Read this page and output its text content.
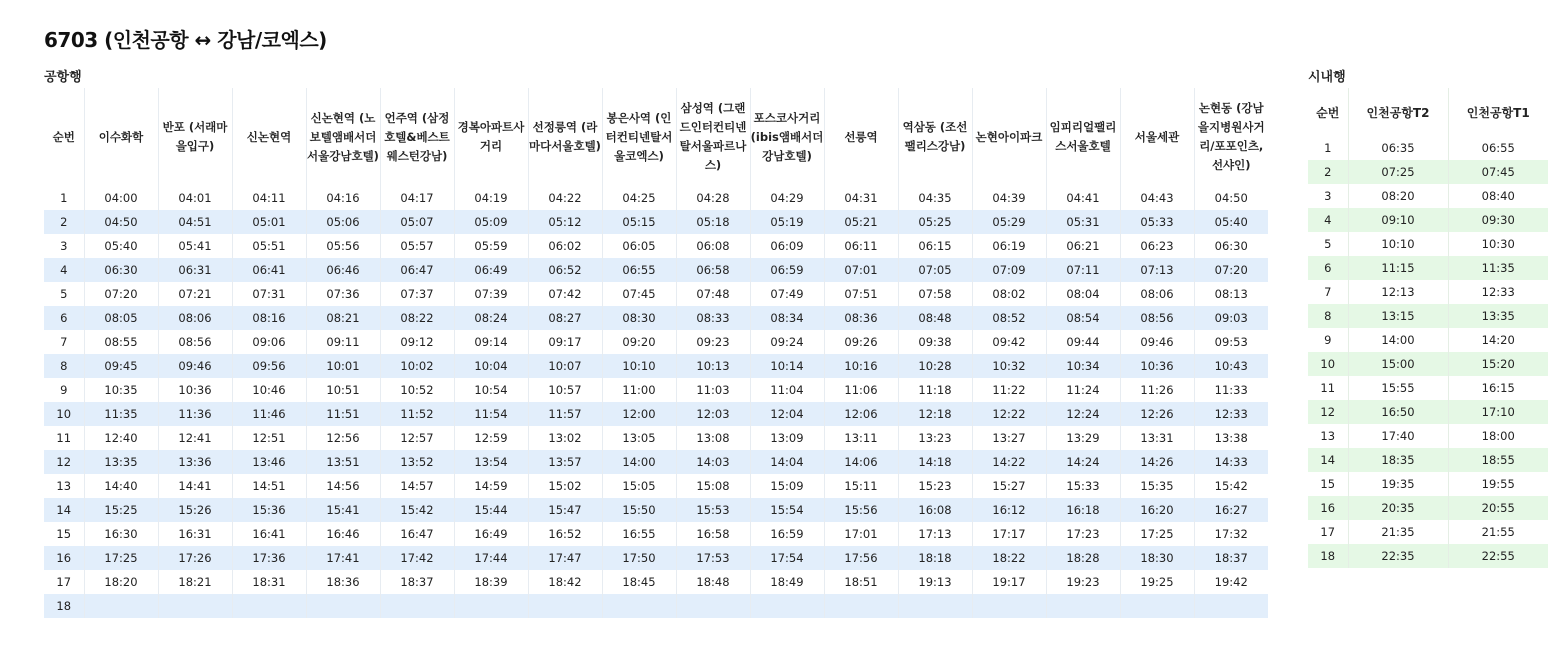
6703 (인천공항 ↔ 강남/코엑스)
공항행	시내행
순번	이수화학	반포 (서래마을입구)	신논현역	신논현역 (노보텔앰배서더서울강남호텔)	언주역 (삼정호텔&베스트웨스턴강남)	경복아파트사거리	선정릉역 (라마다서울호텔)	봉은사역 (인터컨티넨탈서울코엑스)	삼성역 (그랜드인터컨티넨탈서울파르나스)	포스코사거리 (ibis앰배서더강남호텔)	선릉역	역삼동 (조선팰리스강남)	논현아이파크	임피리얼팰리스서울호텔	서울세관	논현동 (강남을지병원사거리/포포인츠,선샤인)
1	04:00	04:01	04:11	04:16	04:17	04:19	04:22	04:25	04:28	04:29	04:31	04:35	04:39	04:41	04:43	04:50
2	04:50	04:51	05:01	05:06	05:07	05:09	05:12	05:15	05:18	05:19	05:21	05:25	05:29	05:31	05:33	05:40
3	05:40	05:41	05:51	05:56	05:57	05:59	06:02	06:05	06:08	06:09	06:11	06:15	06:19	06:21	06:23	06:30
4	06:30	06:31	06:41	06:46	06:47	06:49	06:52	06:55	06:58	06:59	07:01	07:05	07:09	07:11	07:13	07:20
5	07:20	07:21	07:31	07:36	07:37	07:39	07:42	07:45	07:48	07:49	07:51	07:58	08:02	08:04	08:06	08:13
6	08:05	08:06	08:16	08:21	08:22	08:24	08:27	08:30	08:33	08:34	08:36	08:48	08:52	08:54	08:56	09:03
7	08:55	08:56	09:06	09:11	09:12	09:14	09:17	09:20	09:23	09:24	09:26	09:38	09:42	09:44	09:46	09:53
8	09:45	09:46	09:56	10:01	10:02	10:04	10:07	10:10	10:13	10:14	10:16	10:28	10:32	10:34	10:36	10:43
9	10:35	10:36	10:46	10:51	10:52	10:54	10:57	11:00	11:03	11:04	11:06	11:18	11:22	11:24	11:26	11:33
10	11:35	11:36	11:46	11:51	11:52	11:54	11:57	12:00	12:03	12:04	12:06	12:18	12:22	12:24	12:26	12:33
11	12:40	12:41	12:51	12:56	12:57	12:59	13:02	13:05	13:08	13:09	13:11	13:23	13:27	13:29	13:31	13:38
12	13:35	13:36	13:46	13:51	13:52	13:54	13:57	14:00	14:03	14:04	14:06	14:18	14:22	14:24	14:26	14:33
13	14:40	14:41	14:51	14:56	14:57	14:59	15:02	15:05	15:08	15:09	15:11	15:23	15:27	15:33	15:35	15:42
14	15:25	15:26	15:36	15:41	15:42	15:44	15:47	15:50	15:53	15:54	15:56	16:08	16:12	16:18	16:20	16:27
15	16:30	16:31	16:41	16:46	16:47	16:49	16:52	16:55	16:58	16:59	17:01	17:13	17:17	17:23	17:25	17:32
16	17:25	17:26	17:36	17:41	17:42	17:44	17:47	17:50	17:53	17:54	17:56	18:18	18:22	18:28	18:30	18:37
17	18:20	18:21	18:31	18:36	18:37	18:39	18:42	18:45	18:48	18:49	18:51	19:13	19:17	19:23	19:25	19:42
18																
순번	인천공항T2	인천공항T1
1	06:35	06:55
2	07:25	07:45
3	08:20	08:40
4	09:10	09:30
5	10:10	10:30
6	11:15	11:35
7	12:13	12:33
8	13:15	13:35
9	14:00	14:20
10	15:00	15:20
11	15:55	16:15
12	16:50	17:10
13	17:40	18:00
14	18:35	18:55
15	19:35	19:55
16	20:35	20:55
17	21:35	21:55
18	22:35	22:55
